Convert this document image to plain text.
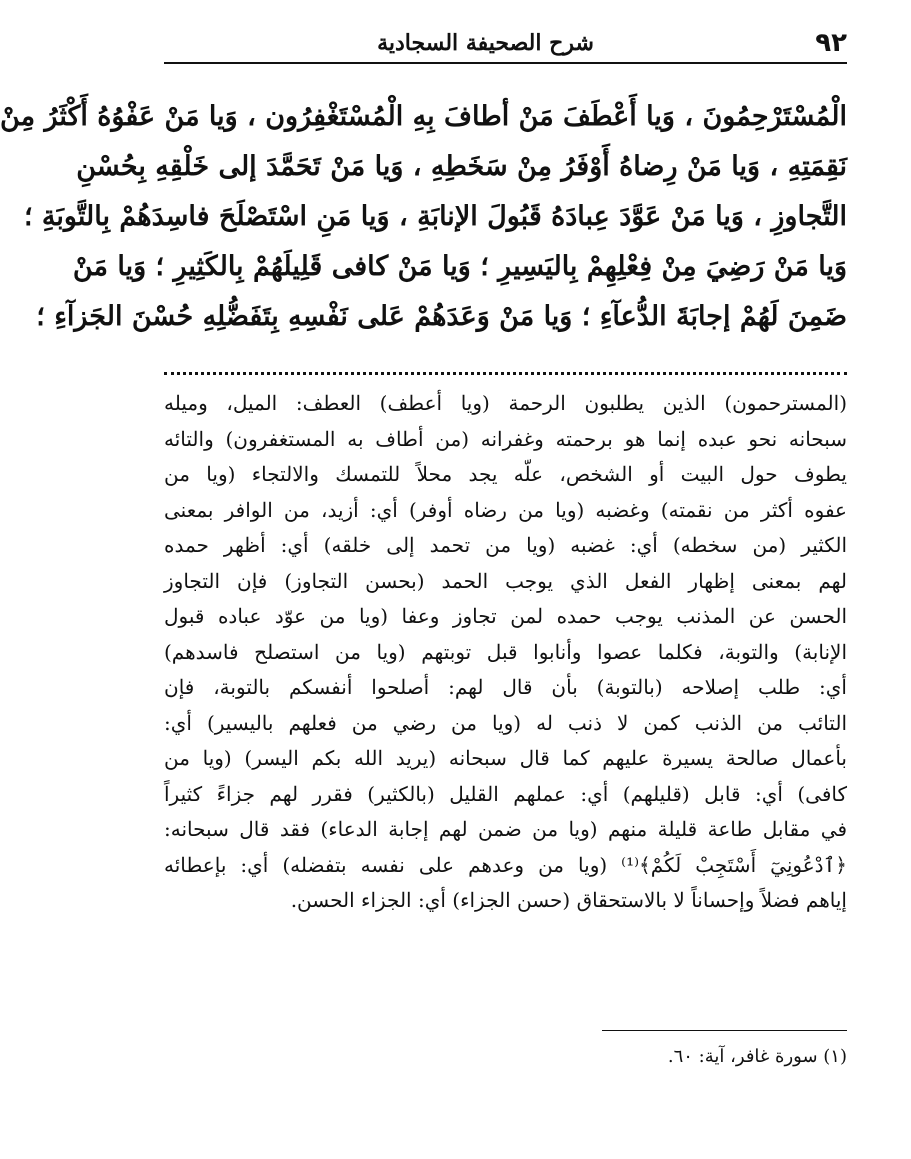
٩٢
شرح الصحيفة السجادية
الْمُسْتَرْحِمُونَ ، وَيا أَعْطَفَ مَنْ أطافَ بِهِ الْمُسْتَغْفِرُون ، وَيا مَنْ عَفْوُهُ أَكْثَرُ مِنْ
نَقِمَتِهِ ، وَيا مَنْ رِضاهُ أَوْفَرُ مِنْ سَخَطِهِ ، وَيا مَنْ تَحَمَّدَ إلى خَلْقِهِ بِحُسْنِ
التَّجاوزِ ، وَيا مَنْ عَوَّدَ عِبادَهُ قَبُولَ الإنابَةِ ، وَيا مَنِ اسْتَصْلَحَ فاسِدَهُمْ بِالتَّوبَةِ ؛
وَيا مَنْ رَضِيَ مِنْ فِعْلِهِمْ بِاليَسِيرِ ؛ وَيا مَنْ كافى قَلِيلَهُمْ بِالكَثِيرِ ؛ وَيا مَنْ
ضَمِنَ لَهُمْ إجابَةَ الدُّعآءِ ؛ وَيا مَنْ وَعَدَهُمْ عَلى نَفْسِهِ بِتَفَضُّلِهِ حُسْنَ الجَزآءِ ؛
(المسترحمون) الذين يطلبون الرحمة (ويا أعطف) العطف: الميل، وميله
سبحانه نحو عبده إنما هو برحمته وغفرانه (من أطاف به المستغفرون) والتائه
يطوف حول البيت أو الشخص، علّه يجد محلاً للتمسك والالتجاء (ويا من
عفوه أكثر من نقمته) وغضبه (ويا من رضاه أوفر) أي: أزيد، من الوافر بمعنى
الكثير (من سخطه) أي: غضبه (ويا من تحمد إلى خلقه) أي: أظهر حمده
لهم بمعنى إظهار الفعل الذي يوجب الحمد (بحسن التجاوز) فإن التجاوز
الحسن عن المذنب يوجب حمده لمن تجاوز وعفا (ويا من عوّد عباده قبول
الإنابة) والتوبة، فكلما عصوا وأنابوا قبل توبتهم (ويا من استصلح فاسدهم)
أي: طلب إصلاحه (بالتوبة) بأن قال لهم: أصلحوا أنفسكم بالتوبة، فإن
التائب من الذنب كمن لا ذنب له (ويا من رضي من فعلهم باليسير) أي:
بأعمال صالحة يسيرة عليهم كما قال سبحانه (يريد الله بكم اليسر) (ويا من
كافى) أي: قابل (قليلهم) أي: عملهم القليل (بالكثير) فقرر لهم جزاءً كثيراً
في مقابل طاعة قليلة منهم (ويا من ضمن لهم إجابة الدعاء) فقد قال سبحانه:
﴿ٱدْعُونِيٓ أَسْتَجِبْ لَكُمْ﴾⁽¹⁾ (ويا من وعدهم على نفسه بتفضله) أي: بإعطائه
إياهم فضلاً وإحساناً لا بالاستحقاق (حسن الجزاء) أي: الجزاء الحسن.
(١) سورة غافر، آية: ٦٠.
